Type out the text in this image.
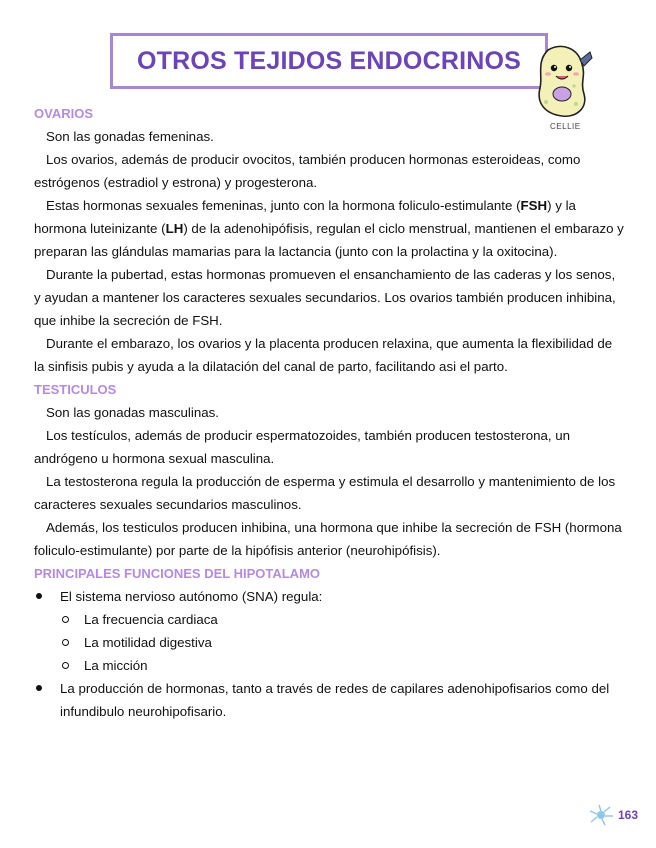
OTROS TEJIDOS ENDOCRINOS
CELLIE
OVARIOS

Son las gonadas femeninas.

Los ovarios, además de producir ovocitos, también producen hormonas esteroideas, como estrógenos (estradiol y estrona) y progesterona.

Estas hormonas sexuales femeninas, junto con la hormona foliculo-estimulante (FSH) y la hormona luteinizante (LH) de la adenohipófisis, regulan el ciclo menstrual, mantienen el embarazo y preparan las glándulas mamarias para la lactancia (junto con la prolactina y la oxitocina).

Durante la pubertad, estas hormonas promueven el ensanchamiento de las caderas y los senos, y ayudan a mantener los caracteres sexuales secundarios. Los ovarios también producen inhibina, que inhibe la secreción de FSH.

Durante el embarazo, los ovarios y la placenta producen relaxina, que aumenta la flexibilidad de la sinfisis pubis y ayuda a la dilatación del canal de parto, facilitando asi el parto.

TESTICULOS

Son las gonadas masculinas.

Los testículos, además de producir espermatozoides, también producen testosterona, un andrógeno u hormona sexual masculina.

La testosterona regula la producción de esperma y estimula el desarrollo y mantenimiento de los caracteres sexuales secundarios masculinos.

Además, los testiculos producen inhibina, una hormona que inhibe la secreción de FSH (hormona foliculo-estimulante) por parte de la hipófisis anterior (neurohipófisis).

PRINCIPALES FUNCIONES DEL HIPOTALAMO
El sistema nervioso autónomo (SNA) regula:
La frecuencia cardiaca
La motilidad digestiva
La micción
La producción de hormonas, tanto a través de redes de capilares adenohipofisarios como del infundibulo neurohipofisario.
163
